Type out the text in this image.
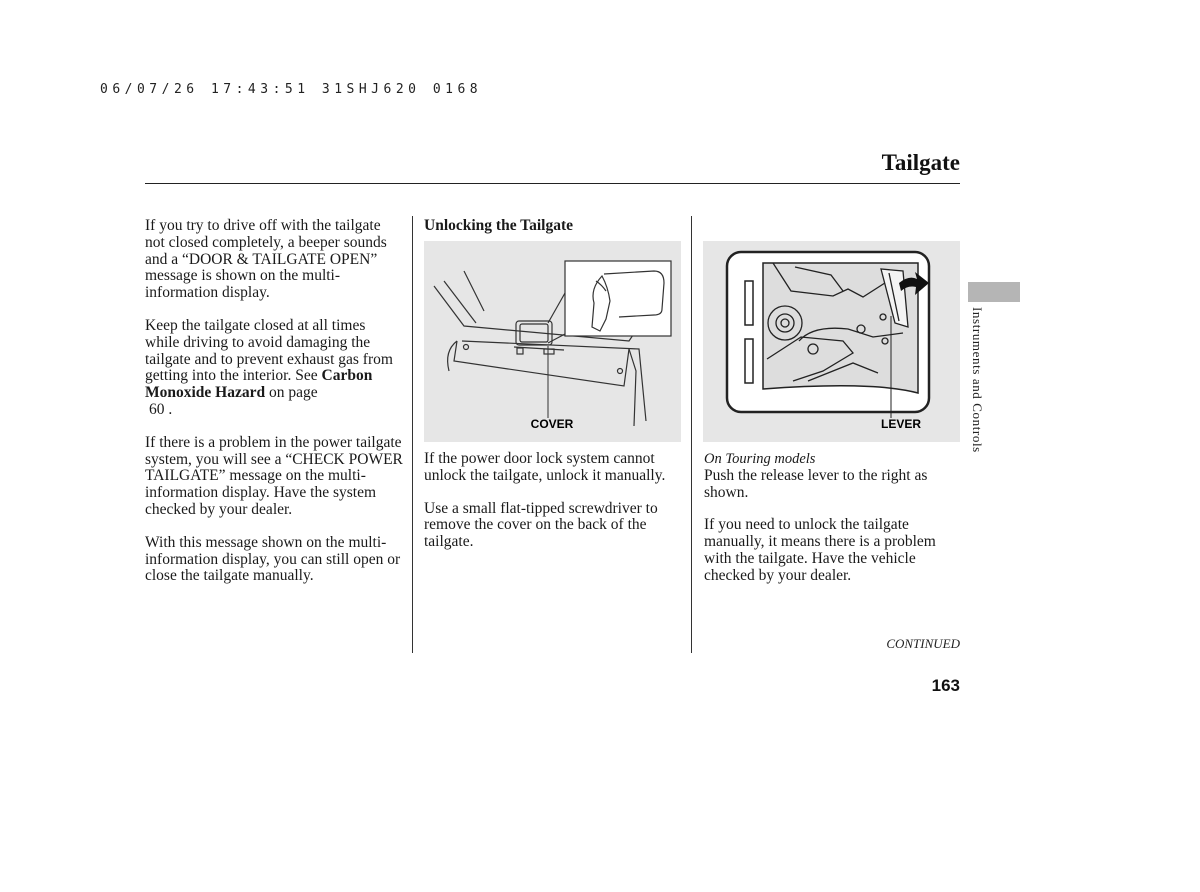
06/07/26 17:43:51 31SHJ620 0168
Tailgate
Instruments and Controls

If you try to drive off with the tailgate not closed completely, a beeper sounds and a “DOOR & TAILGATE OPEN” message is shown on the multi-information display.

Keep the tailgate closed at all times while driving to avoid damaging the tailgate and to prevent exhaust gas from getting into the interior. See Carbon Monoxide Hazard on page
60 .

If there is a problem in the power tailgate system, you will see a “CHECK POWER TAILGATE” message on the multi-information display. Have the system checked by your dealer.

With this message shown on the multi-information display, you can still open or close the tailgate manually.

Unlocking the Tailgate
COVER

If the power door lock system cannot unlock the tailgate, unlock it manually.

Use a small flat-tipped screwdriver to remove the cover on the back of the tailgate.

LEVER
On Touring models

Push the release lever to the right as shown.

If you need to unlock the tailgate manually, it means there is a problem with the tailgate. Have the vehicle checked by your dealer.

CONTINUED
163
